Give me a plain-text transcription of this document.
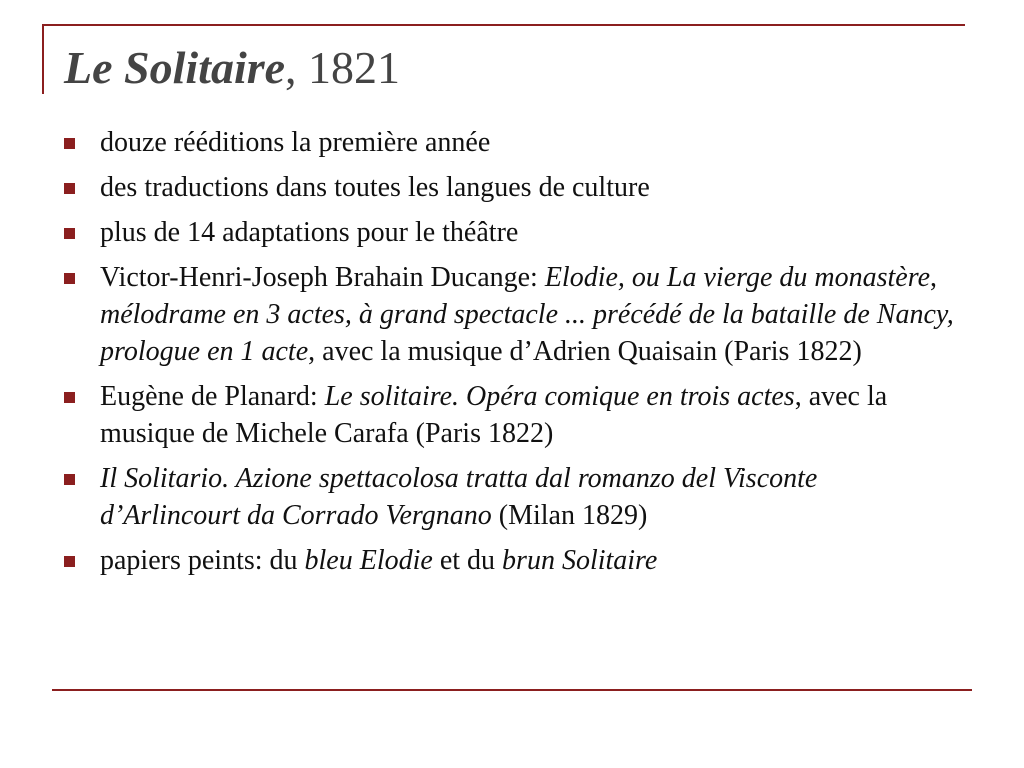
Le Solitaire, 1821
douze rééditions la première année
des traductions dans toutes les langues de culture
plus de 14 adaptations pour le théâtre
Victor-Henri-Joseph Brahain Ducange: Elodie, ou La vierge du monastère, mélodrame en 3 actes, à grand spectacle ... précédé de la bataille de Nancy, prologue en 1 acte, avec la musique d’Adrien Quaisain (Paris 1822)
Eugène de Planard: Le solitaire. Opéra comique en trois actes, avec la musique de Michele Carafa (Paris 1822)
Il Solitario. Azione spettacolosa tratta dal romanzo del Visconte d’Arlincourt da Corrado Vergnano (Milan 1829)
papiers peints: du bleu Elodie et du brun Solitaire
